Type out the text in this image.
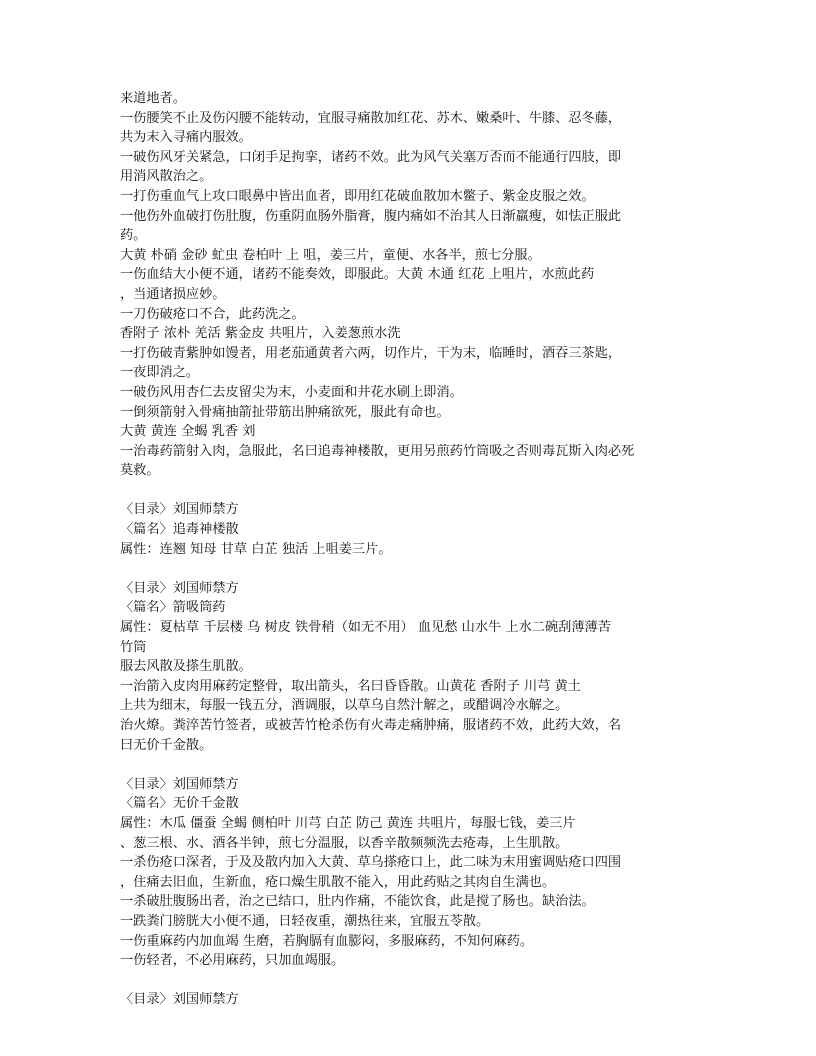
来道地者。
一伤腰笑不止及伤闪腰不能转动，宜服寻痛散加红花、苏木、嫩桑叶、牛膝、忍冬藤，
共为末入寻痛内服效。
一破伤风牙关紧急，口闭手足拘挛，诸药不效。此为风气关塞万否而不能通行四肢，即
用消风散治之。
一打伤重血气上攻口眼鼻中皆出血者，即用红花破血散加木鳖子、紫金皮服之效。
一他伤外血破打伤肚腹，伤重阴血肠外脂膏，腹内痛如不治其人日渐羸瘦，如怯正服此
药。
大黄 朴硝 金砂 虻虫 卷柏叶 上 咀，姜三片，童便、水各半，煎七分服。
一伤血结大小便不通，诸药不能奏效，即服此。大黄 木通 红花 上咀片，水煎此药
，当通诸损应妙。
一刀伤破疮口不合，此药洗之。
香附子 浓朴 羌活 紫金皮 共咀片，入姜葱煎水洗
一打伤破青紫肿如馒者，用老茄通黄者六两，切作片，干为末，临睡时，酒吞三茶匙，
一夜即消之。
一破伤风用杏仁去皮留尖为末，小麦面和井花水刷上即消。
一倒须箭射入骨痛抽箭扯带筋出肿痛欲死，服此有命也。
大黄 黄连 全蝎 乳香 刘
一治毒药箭射入肉，急服此，名曰追毒神楼散，更用另煎药竹筒吸之否则毒瓦斯入肉必死
莫救。
〈目录〉刘国师禁方
〈篇名〉追毒神楼散
属性：连翘 知母 甘草 白芷 独活 上咀姜三片。
〈目录〉刘国师禁方
〈篇名〉箭吸筒药
属性：夏枯草 千层楼 乌 树皮 铁骨稍（如无不用） 血见愁 山水牛 上水二碗刮薄薄苦
竹筒
服去风散及搽生肌散。
一治箭入皮肉用麻药定整骨，取出箭头，名曰昏昏散。山黄花 香附子 川芎 黄土
上共为细末，每服一钱五分，酒调服，以草乌自然汁解之，或醋调冷水解之。
治火燎。粪淬苦竹签者，或被苦竹枪杀伤有火毒走痛肿痛，服诸药不效，此药大效，名
曰无价千金散。
〈目录〉刘国师禁方
〈篇名〉无价千金散
属性：木瓜 僵蚕 全蝎 侧柏叶 川芎 白芷 防己 黄连 共咀片，每服七钱，姜三片
、葱三根、水、酒各半钟，煎七分温服，以香辛散频频洗去疮毒，上生肌散。
一杀伤疮口深者，于及及散内加入大黄、草乌搽疮口上，此二味为末用蜜调贴疮口四围
，住痛去旧血，生新血，疮口燥生肌散不能入，用此药贴之其肉自生满也。
一杀破肚腹肠出者，治之已结口，肚内作痛，不能饮食，此是搅了肠也。缺治法。
一跌粪门膀胱大小便不通，日轻夜重，潮热往来，宜服五苓散。
一伤重麻药内加血竭 生磨，若胸膈有血膨闷，多服麻药，不知何麻药。
一伤轻者，不必用麻药，只加血竭服。
〈目录〉刘国师禁方
